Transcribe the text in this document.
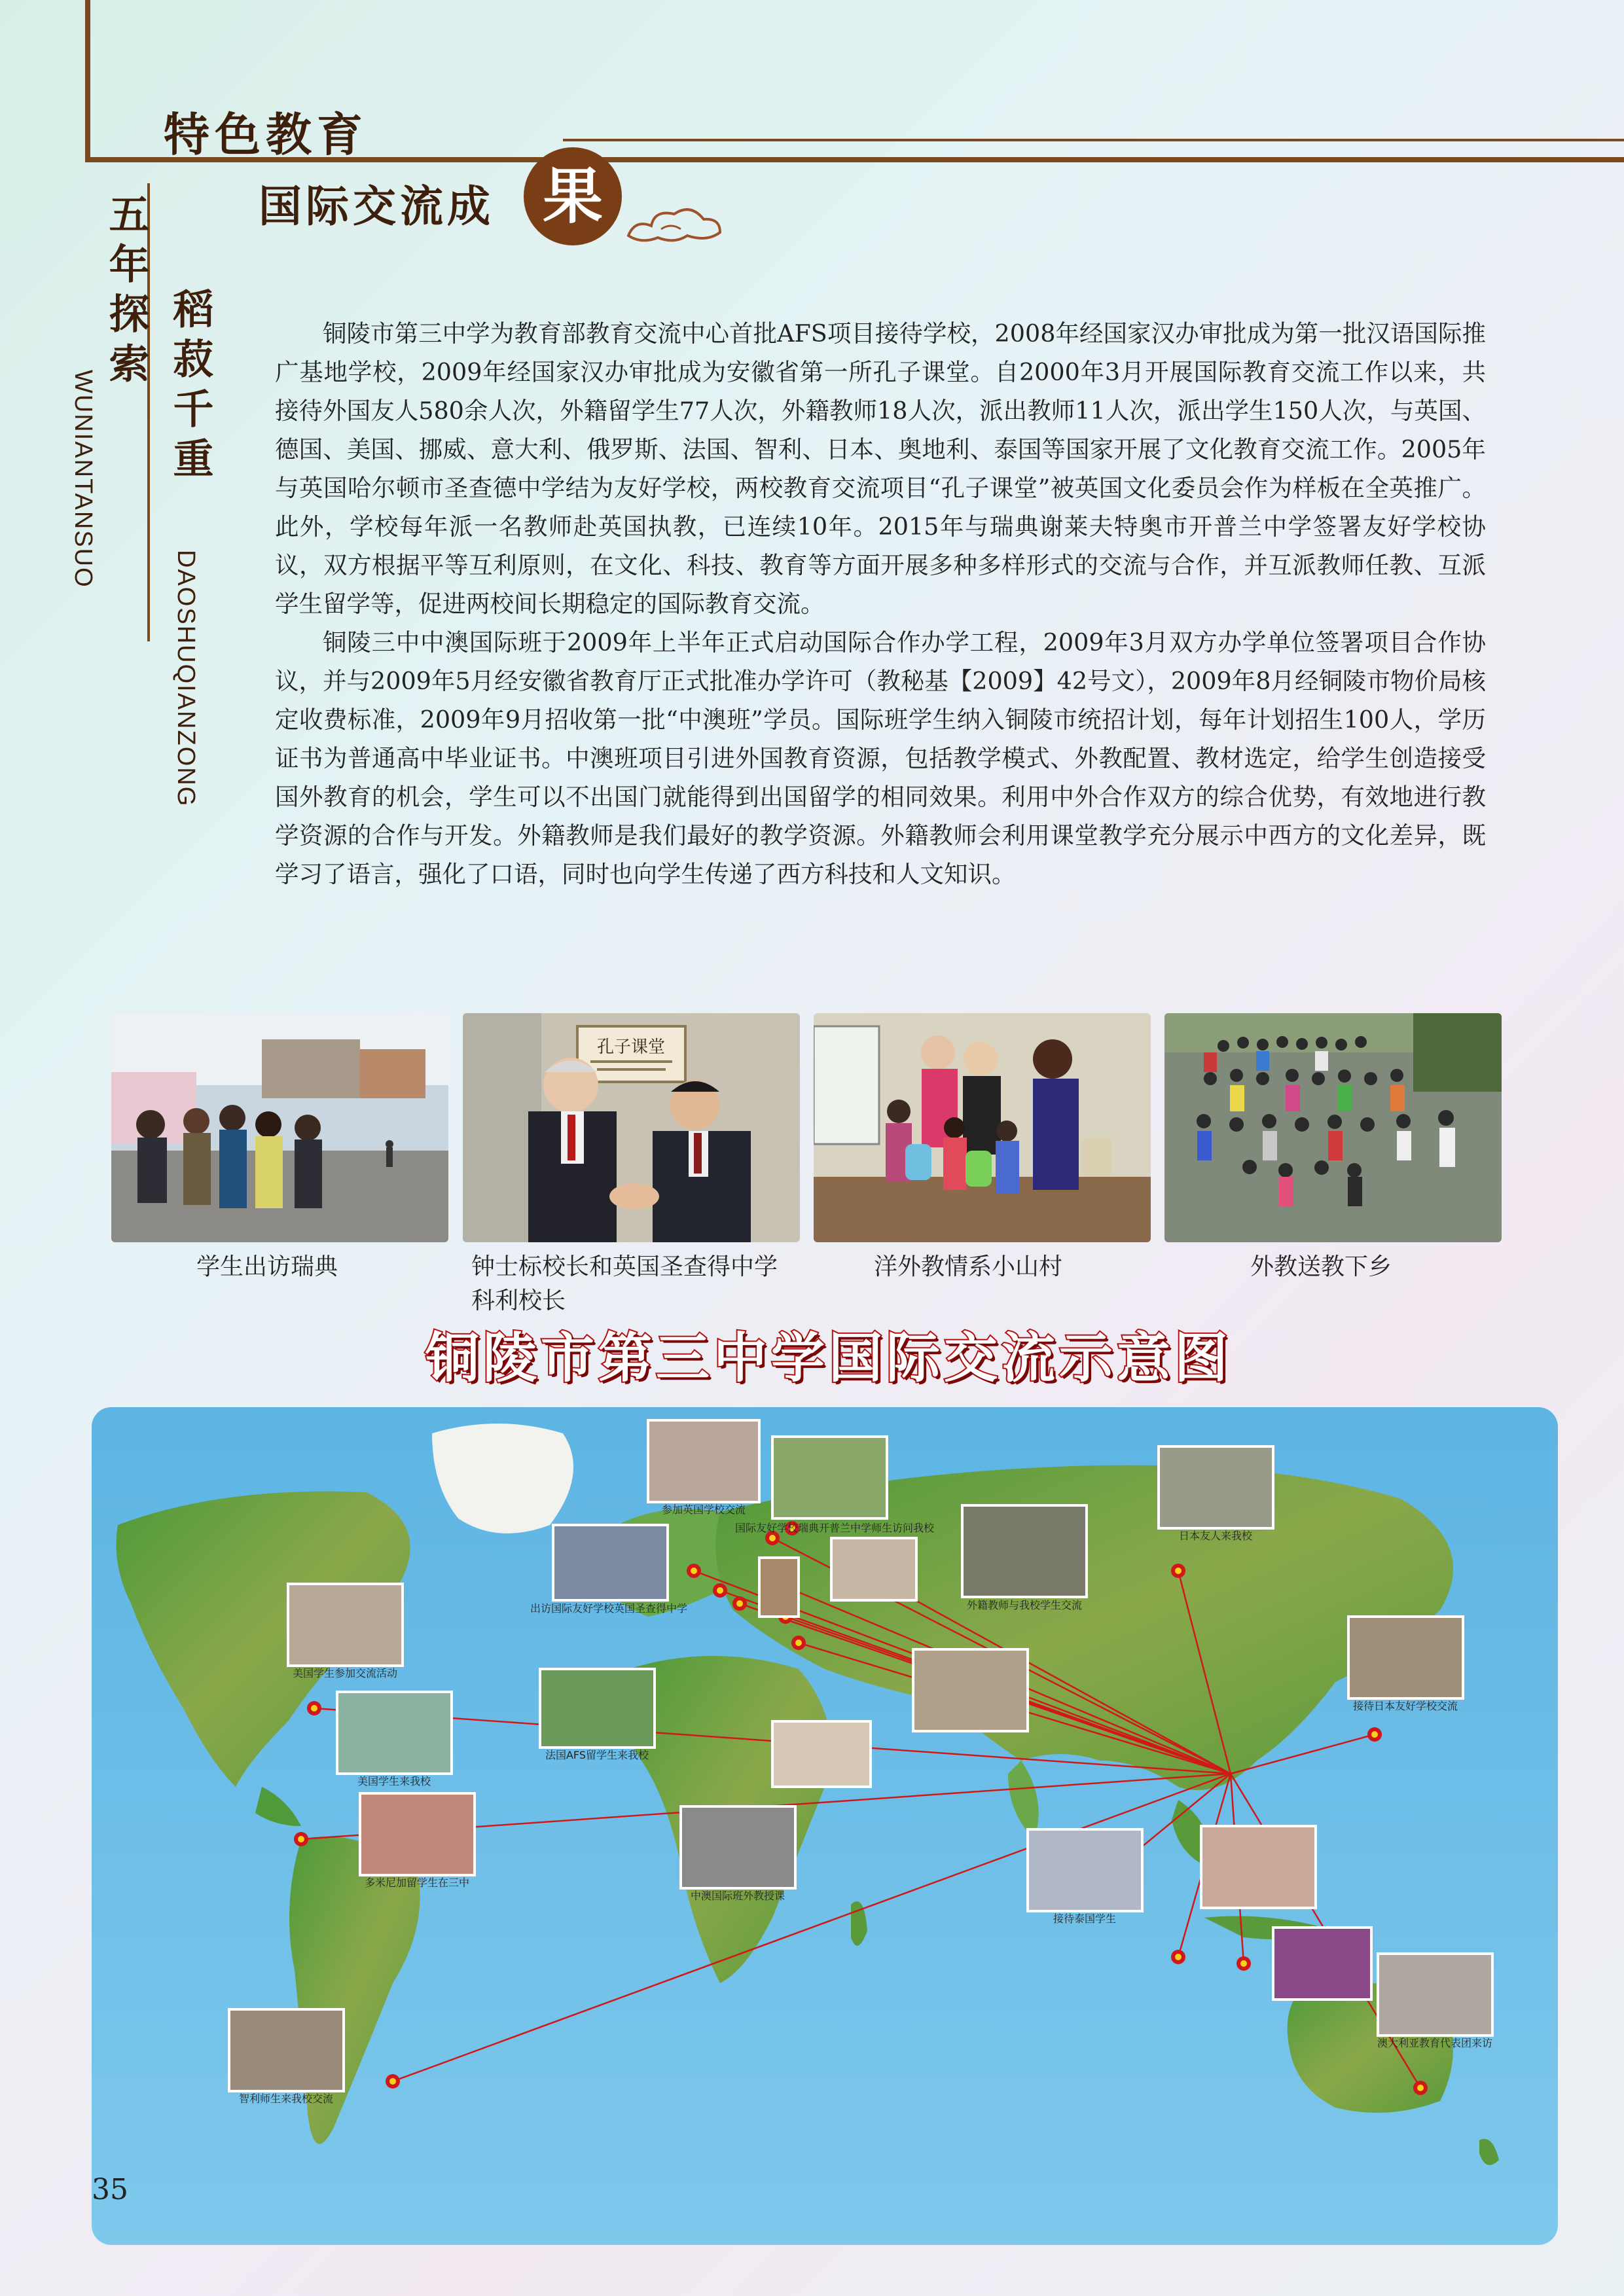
特色教育
国际交流成 果
五年探索 稻菽千重
WUNIANTANSUO
DAOSHUQIANZONG

铜陵市第三中学为教育部教育交流中心首批AFS项目接待学校，2008年经国家汉办审批成为第一批汉语国际推广基地学校，2009年经国家汉办审批成为安徽省第一所孔子课堂。自2000年3月开展国际教育交流工作以来，共接待外国友人580余人次，外籍留学生77人次，外籍教师18人次，派出教师11人次，派出学生150人次，与英国、德国、美国、挪威、意大利、俄罗斯、法国、智利、日本、奥地利、泰国等国家开展了文化教育交流工作。2005年与英国哈尔顿市圣查德中学结为友好学校，两校教育交流项目“孔子课堂”被英国文化委员会作为样板在全英推广。此外，学校每年派一名教师赴英国执教，已连续10年。2015年与瑞典谢莱夫特奥市开普兰中学签署友好学校协议，双方根据平等互利原则，在文化、科技、教育等方面开展多种多样形式的交流与合作，并互派教师任教、互派学生留学等，促进两校间长期稳定的国际教育交流。

铜陵三中中澳国际班于2009年上半年正式启动国际合作办学工程，2009年3月双方办学单位签署项目合作协议，并与2009年5月经安徽省教育厅正式批准办学许可（教秘基【2009】42号文），2009年8月经铜陵市物价局核定收费标准，2009年9月招收第一批“中澳班”学员。国际班学生纳入铜陵市统招计划，每年计划招生100人，学历证书为普通高中毕业证书。中澳班项目引进外国教育资源，包括教学模式、外教配置、教材选定，给学生创造接受国外教育的机会，学生可以不出国门就能得到出国留学的相同效果。利用中外合作双方的综合优势，有效地进行教学资源的合作与开发。外籍教师是我们最好的教学资源。外籍教师会利用课堂教学充分展示中西方的文化差异，既学习了语言，强化了口语，同时也向学生传递了西方科技和人文知识。

孔子课堂
学生出访瑞典	钟士标校长和英国圣查得中学科利校长
洋外教情系小山村	外教送教下乡
铜陵市第三中学国际交流示意图
参加英国学校交流
国际友好学校瑞典开普兰中学师生访问我校
日本友人来我校
外籍教师与我校学生交流
出访国际友好学校英国圣查得中学
美国学生参加交流活动
美国学生来我校
法国AFS留学生来我校
多米尼加留学生在三中
中澳国际班外教授课
接待日本友好学校交流
接待泰国学生
澳大利亚教育代表团来访
智利师生来我校交流
35
